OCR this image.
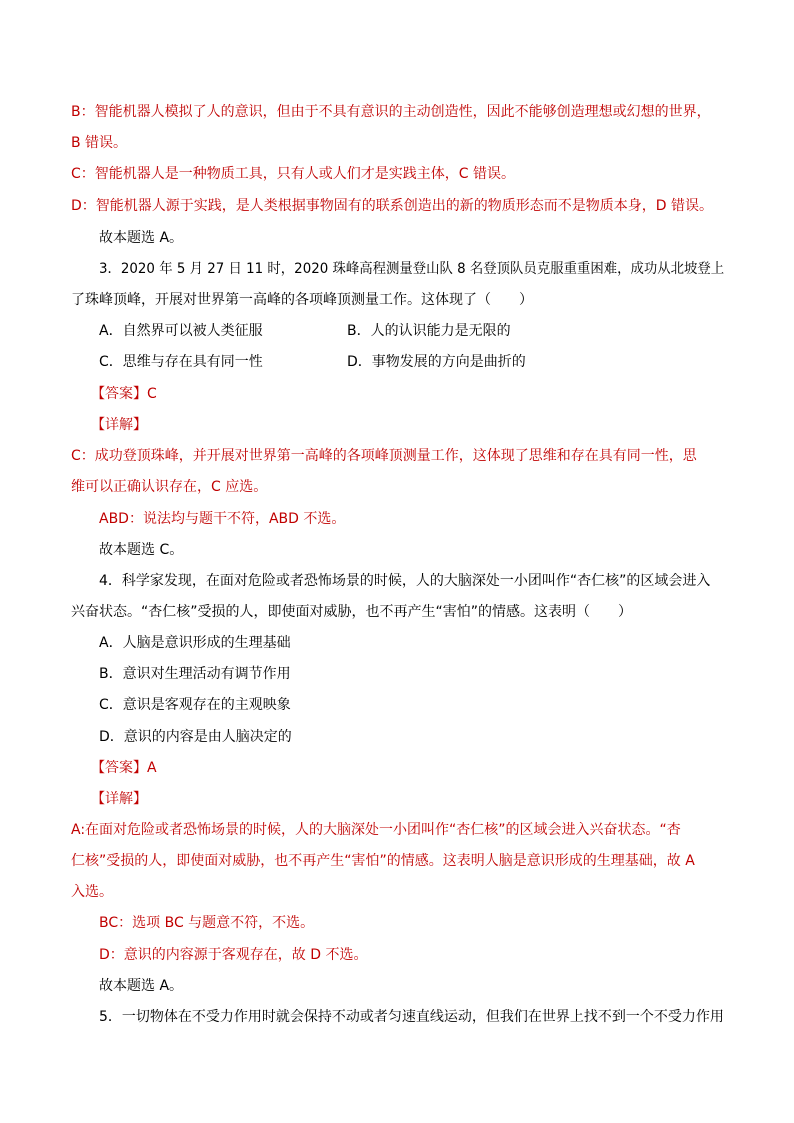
B：智能机器人模拟了人的意识，但由于不具有意识的主动创造性，因此不能够创造理想或幻想的世界，
B 错误。
C：智能机器人是一种物质工具，只有人或人们才是实践主体，C 错误。
D：智能机器人源于实践，是人类根据事物固有的联系创造出的新的物质形态而不是物质本身，D 错误。
故本题选 A。
3．2020 年 5 月 27 日 11 时，2020 珠峰高程测量登山队 8 名登顶队员克服重重困难，成功从北坡登上
了珠峰顶峰，开展对世界第一高峰的各项峰顶测量工作。这体现了（　　）
A．自然界可以被人类征服	B．人的认识能力是无限的
C．思维与存在具有同一性	D．事物发展的方向是曲折的
【答案】C
【详解】
C：成功登顶珠峰，并开展对世界第一高峰的各项峰顶测量工作，这体现了思维和存在具有同一性，思
维可以正确认识存在，C 应选。
ABD：说法均与题干不符，ABD 不选。
故本题选 C。
4．科学家发现，在面对危险或者恐怖场景的时候，人的大脑深处一小团叫作“杏仁核”的区域会进入
兴奋状态。“杏仁核”受损的人，即使面对威胁，也不再产生“害怕”的情感。这表明（　　）
A．人脑是意识形成的生理基础
B．意识对生理活动有调节作用
C．意识是客观存在的主观映象
D．意识的内容是由人脑决定的
【答案】A
【详解】
A:在面对危险或者恐怖场景的时候，人的大脑深处一小团叫作“杏仁核”的区域会进入兴奋状态。“杏
仁核”受损的人，即使面对威胁，也不再产生“害怕”的情感。这表明人脑是意识形成的生理基础，故 A
入选。
BC：选项 BC 与题意不符，不选。
D：意识的内容源于客观存在，故 D 不选。
故本题选 A。
5．一切物体在不受力作用时就会保持不动或者匀速直线运动，但我们在世界上找不到一个不受力作用
